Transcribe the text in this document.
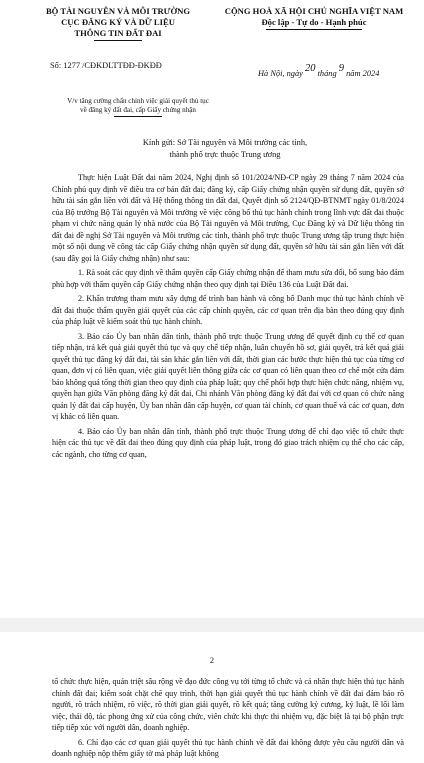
BỘ TÀI NGUYÊN VÀ MÔI TRƯỜNG
CỤC ĐĂNG KÝ VÀ DỮ LIỆU
THÔNG TIN ĐẤT ĐAI
CỘNG HOÀ XÃ HỘI CHỦ NGHĨA VIỆT NAM
Độc lập - Tự do - Hạnh phúc
Số: 1277 /CĐKDLTTĐĐ-ĐKĐĐ
Hà Nội, ngày 20 tháng 9 năm 2024
V/v tăng cường chấn chỉnh việc giải quyết thủ tục
về đăng ký đất đai, cấp Giấy chứng nhận
Kính gửi: Sở Tài nguyên và Môi trường các tỉnh,
thành phố trực thuộc Trung ương

Thực hiện Luật Đất đai năm 2024, Nghị định số 101/2024/NĐ-CP ngày 29 tháng 7 năm 2024 của Chính phủ quy định về điều tra cơ bản đất đai; đăng ký, cấp Giấy chứng nhận quyền sử dụng đất, quyền sở hữu tài sản gắn liền với đất và Hệ thống thông tin đất đai, Quyết định số 2124/QĐ-BTNMT ngày 01/8/2024 của Bộ trưởng Bộ Tài nguyên và Môi trường về việc công bố thủ tục hành chính trong lĩnh vực đất đai thuộc phạm vi chức năng quản lý nhà nước của Bộ Tài nguyên và Môi trường, Cục Đăng ký và Dữ liệu thông tin đất đai đề nghị Sở Tài nguyên và Môi trường các tỉnh, thành phố trực thuộc Trung ương tập trung thực hiện một số nội dung về công tác cấp Giấy chứng nhận quyền sử dụng đất, quyền sở hữu tài sản gắn liền với đất (sau đây gọi là Giấy chứng nhận) như sau:

1. Rà soát các quy định về thẩm quyền cấp Giấy chứng nhận để tham mưu sửa đổi, bổ sung bảo đảm phù hợp với thẩm quyền cấp Giấy chứng nhận theo quy định tại Điều 136 của Luật Đất đai.

2. Khẩn trương tham mưu xây dựng để trình ban hành và công bố Danh mục thủ tục hành chính về đất đai thuộc thẩm quyền giải quyết của các cấp chính quyền, các cơ quan trên địa bàn theo đúng quy định của pháp luật về kiểm soát thủ tục hành chính.

3. Báo cáo Ủy ban nhân dân tỉnh, thành phố trực thuộc Trung ương để quyết định cụ thể cơ quan tiếp nhận, trả kết quả giải quyết thủ tục và quy chế tiếp nhận, luân chuyển hồ sơ, giải quyết, trả kết quả giải quyết thủ tục đăng ký đất đai, tài sản khác gắn liền với đất, thời gian các bước thực hiện thủ tục của từng cơ quan, đơn vị có liên quan, việc giải quyết liên thông giữa các cơ quan có liên quan theo cơ chế một cửa đảm bảo không quá tổng thời gian theo quy định của pháp luật; quy chế phối hợp thực hiện chức năng, nhiệm vụ, quyền hạn giữa Văn phòng đăng ký đất đai, Chi nhánh Văn phòng đăng ký đất đai với cơ quan có chức năng quản lý đất đai cấp huyện, Ủy ban nhân dân cấp huyện, cơ quan tài chính, cơ quan thuế và các cơ quan, đơn vị khác có liên quan.

4. Báo cáo Ủy ban nhân dân tỉnh, thành phố trực thuộc Trung ương để chỉ đạo việc tổ chức thực hiện các thủ tục về đất đai theo đúng quy định của pháp luật, trong đó giao trách nhiệm cụ thể cho các cấp, các ngành, cho từng cơ quan,

2

tổ chức thực hiện, quán triệt sâu rộng về đạo đức công vụ tới từng tổ chức và cá nhân thực hiện thủ tục hành chính đất đai; kiểm soát chặt chẽ quy trình, thời hạn giải quyết thủ tục hành chính về đất đai đảm bảo rõ người, rõ trách nhiệm, rõ việc, rõ thời gian giải quyết, rõ kết quả; tăng cường kỷ cương, kỷ luật, lề lối làm việc, thái độ, tác phong ứng xử của công chức, viên chức khi thực thi nhiệm vụ, đặc biệt là tại bộ phận trực tiếp tiếp xúc với người dân, doanh nghiệp.

6. Chỉ đạo các cơ quan giải quyết thủ tục hành chính về đất đai không được yêu cầu người dân và doanh nghiệp nộp thêm giấy tờ mà pháp luật không
